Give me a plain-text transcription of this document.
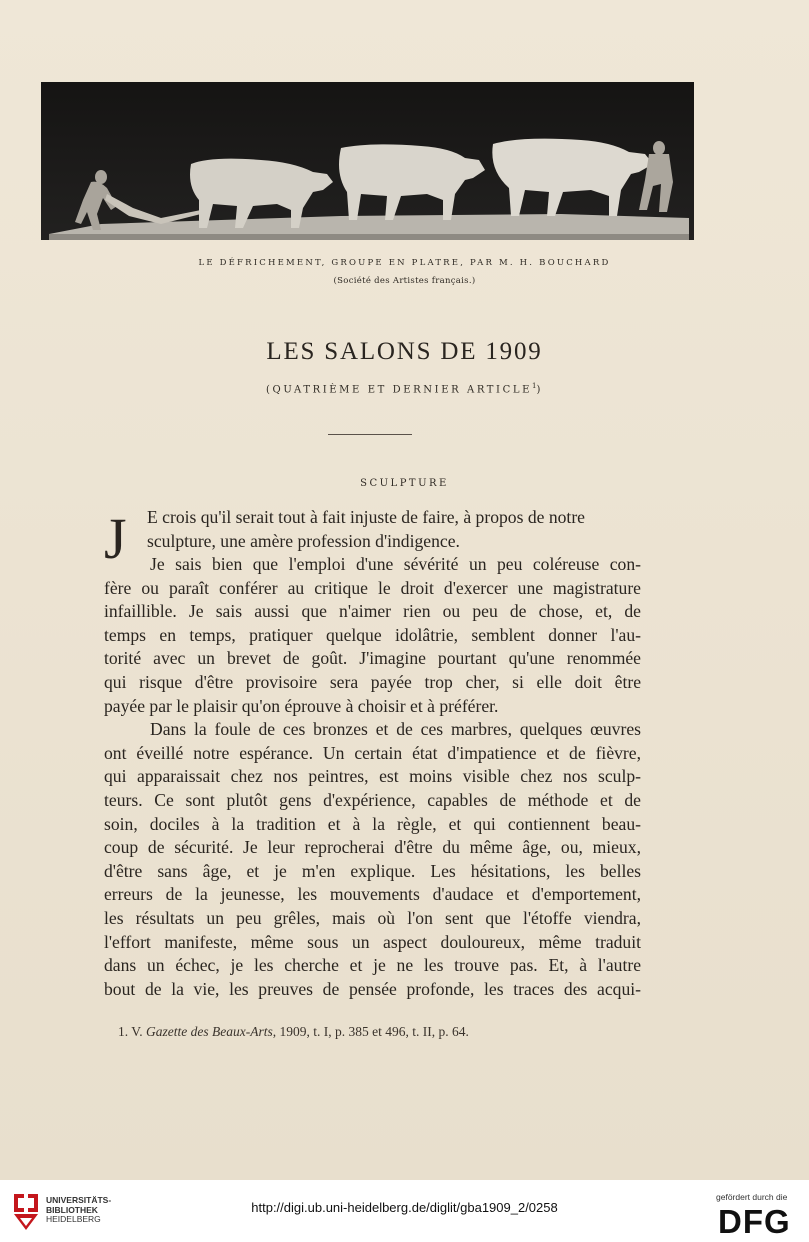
LE DÉFRICHEMENT, GROUPE EN PLATRE, PAR M. H. BOUCHARD
(Société des Artistes français.)
LES SALONS DE 1909
(QUATRIÈME ET DERNIER ARTICLE$^1$)
SCULPTURE
J E crois qu'il serait tout à fait injuste de faire, à propos de notre
sculpture, une amère profession d'indigence.
Je sais bien que l'emploi d'une sévérité un peu coléreuse con-
fère ou paraît conférer au critique le droit d'exercer une magistrature
infaillible. Je sais aussi que n'aimer rien ou peu de chose, et, de
temps en temps, pratiquer quelque idolâtrie, semblent donner l'au-
torité avec un brevet de goût. J'imagine pourtant qu'une renommée
qui risque d'être provisoire sera payée trop cher, si elle doit être
payée par le plaisir qu'on éprouve à choisir et à préférer.
Dans la foule de ces bronzes et de ces marbres, quelques œuvres
ont éveillé notre espérance. Un certain état d'impatience et de fièvre,
qui apparaissait chez nos peintres, est moins visible chez nos sculp-
teurs. Ce sont plutôt gens d'expérience, capables de méthode et de
soin, dociles à la tradition et à la règle, et qui contiennent beau-
coup de sécurité. Je leur reprocherai d'être du même âge, ou, mieux,
d'être sans âge, et je m'en explique. Les hésitations, les belles
erreurs de la jeunesse, les mouvements d'audace et d'emportement,
les résultats un peu grêles, mais où l'on sent que l'étoffe viendra,
l'effort manifeste, même sous un aspect douloureux, même traduit
dans un échec, je les cherche et je ne les trouve pas. Et, à l'autre
bout de la vie, les preuves de pensée profonde, les traces des acqui-
1. V. Gazette des Beaux-Arts, 1909, t. I, p. 385 et 496, t. II, p. 64.
UNIVERSITÄTS-
BIBLIOTHEK
HEIDELBERG
http://digi.ub.uni-heidelberg.de/diglit/gba1909_2/0258
gefördert durch die
DFG
